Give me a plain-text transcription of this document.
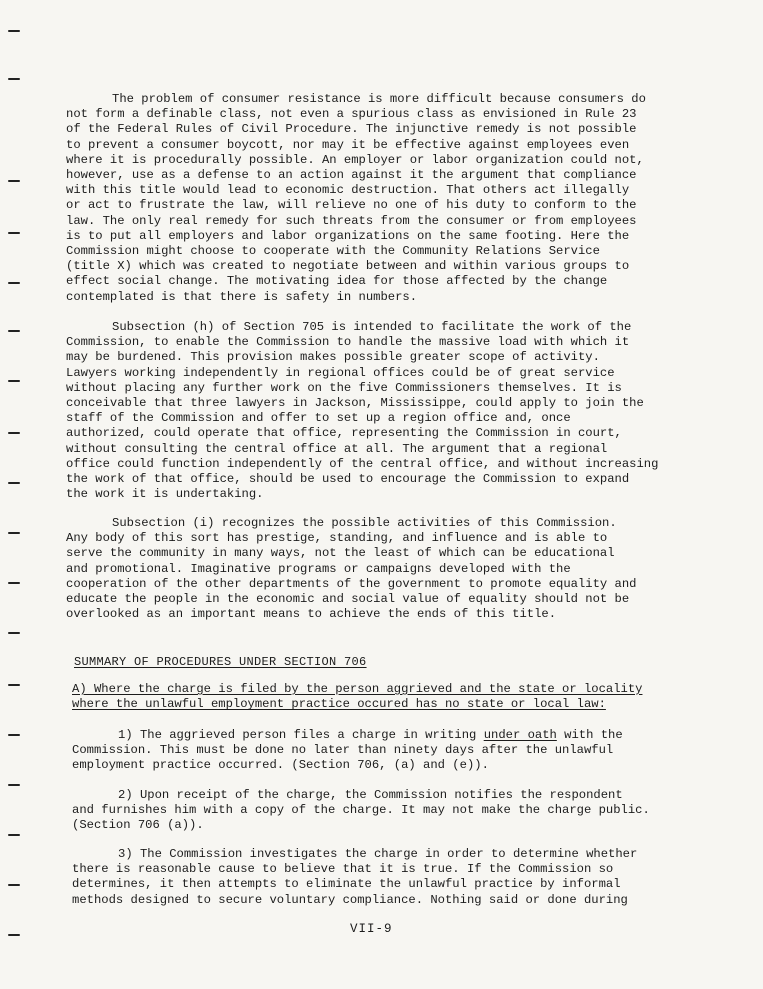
The problem of consumer resistance is more difficult because consumers do
not form a definable class, not even a spurious class as envisioned in Rule 23
of the Federal Rules of Civil Procedure. The injunctive remedy is not possible
to prevent a consumer boycott, nor may it be effective against employees even
where it is procedurally possible. An employer or labor organization could not,
however, use as a defense to an action against it the argument that compliance
with this title would lead to economic destruction. That others act illegally
or act to frustrate the law, will relieve no one of his duty to conform to the
law. The only real remedy for such threats from the consumer or from employees
is to put all employers and labor organizations on the same footing. Here the
Commission might choose to cooperate with the Community Relations Service
(title X) which was created to negotiate between and within various groups to
effect social change. The motivating idea for those affected by the change
contemplated is that there is safety in numbers.
Subsection (h) of Section 705 is intended to facilitate the work of the
Commission, to enable the Commission to handle the massive load with which it
may be burdened. This provision makes possible greater scope of activity.
Lawyers working independently in regional offices could be of great service
without placing any further work on the five Commissioners themselves. It is
conceivable that three lawyers in Jackson, Mississippe, could apply to join the
staff of the Commission and offer to set up a region office and, once
authorized, could operate that office, representing the Commission in court,
without consulting the central office at all. The argument that a regional
office could function independently of the central office, and without increasing
the work of that office, should be used to encourage the Commission to expand
the work it is undertaking.
Subsection (i) recognizes the possible activities of this Commission.
Any body of this sort has prestige, standing, and influence and is able to
serve the community in many ways, not the least of which can be educational
and promotional. Imaginative programs or campaigns developed with the
cooperation of the other departments of the government to promote equality and
educate the people in the economic and social value of equality should not be
overlooked as an important means to achieve the ends of this title.
SUMMARY OF PROCEDURES UNDER SECTION 706
A) Where the charge is filed by the person aggrieved and the state or locality
where the unlawful employment practice occured has no state or local law:
1) The aggrieved person files a charge in writing under oath with the
Commission. This must be done no later than ninety days after the unlawful
employment practice occurred. (Section 706, (a) and (e)).
2) Upon receipt of the charge, the Commission notifies the respondent
and furnishes him with a copy of the charge. It may not make the charge public.
(Section 706 (a)).
3) The Commission investigates the charge in order to determine whether
there is reasonable cause to believe that it is true. If the Commission so
determines, it then attempts to eliminate the unlawful practice by informal
methods designed to secure voluntary compliance. Nothing said or done during
VII-9
